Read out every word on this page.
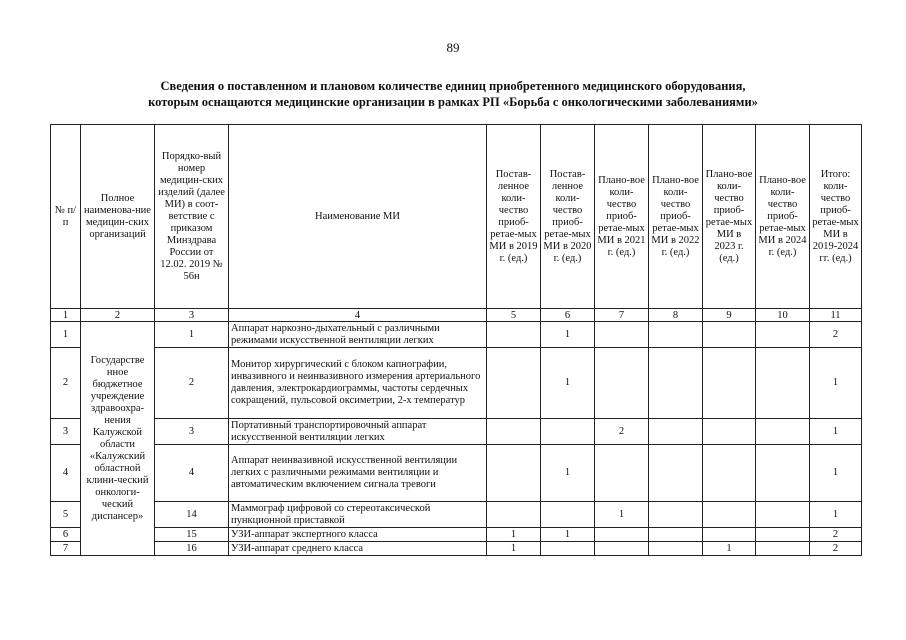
89
Сведения о поставленном и плановом количестве единиц приобретенного медицинского оборудования,
которым оснащаются медицинские организации в рамках РП «Борьба с онкологическими заболеваниями»
№ п/п	Полное наименова-ние медицин-ских организаций	Порядко-вый номер медицин-ских изделий (далее МИ) в соот-ветствие с приказом Минздрава России от 12.02. 2019 № 56н	Наименование МИ	Постав-ленное коли-чество приоб-ретае-мых МИ в 2019 г. (ед.)	Постав-ленное коли-чество приоб-ретае-мых МИ в 2020 г. (ед.)	Плано-вое коли-чество приоб-ретае-мых МИ в 2021 г. (ед.)	Плано-вое коли-чество приоб-ретае-мых МИ в 2022 г. (ед.)	Плано-вое коли-чество приоб-ретае-мых МИ в 2023 г. (ед.)	Плано-вое коли-чество приоб-ретае-мых МИ в 2024 г. (ед.)	Итого: коли-чество приоб-ретае-мых МИ в 2019-2024 гг. (ед.)
1	2	3	4	5	6	7	8	9	10	11
1	Государстве нное бюджетное учреждение здравоохра-нения Калужской области «Калужский областной клини-ческий онкологи-ческий диспансер»	1	Аппарат наркозно-дыхательный с различными режимами искусственной вентиляции легких		1					2
2		2	Монитор хирургический с блоком капнографии, инвазивного и неинвазивного измерения артериального давления, электрокардиограммы, частоты сердечных сокращений, пульсовой оксиметрии, 2-х температур		1					1
3		3	Портативный транспортировочный аппарат искусственной вентиляции легких			2				1
4		4	Аппарат неинвазивной искусственной вентиляции легких с различными режимами вентиляции и автоматическим включением сигнала тревоги		1					1
5		14	Маммограф цифровой со стереотаксической пункционной приставкой			1				1
6		15	УЗИ-аппарат экспертного класса	1	1					2
7		16	УЗИ-аппарат среднего класса	1				1		2
